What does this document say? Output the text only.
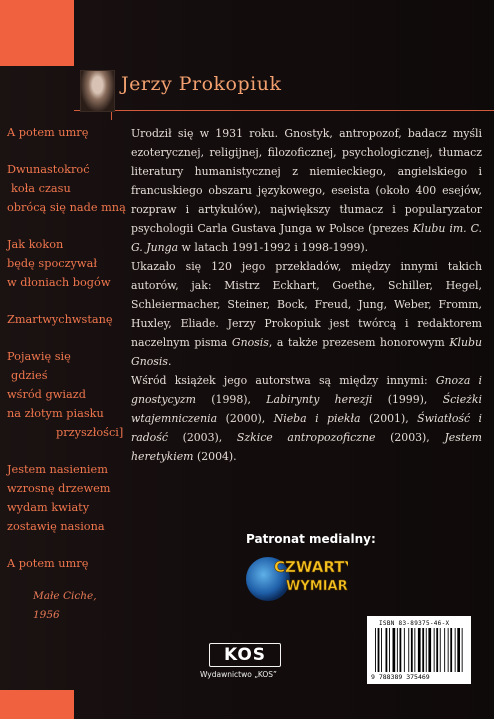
Jerzy Prokopiuk
A potem umrę
Dwunastokroć
koła czasu
obrócą się nade mną
Jak kokon
będę spoczywał
w dłoniach bogów
Zmartwychwstanę
Pojawię się
gdzieś
wśród gwiazd
na złotym piasku
przyszłości]
Jestem nasieniem
wzrosnę drzewem
wydam kwiaty
zostawię nasiona
A potem umrę
Małe Ciche, 1956

Urodził się w 1931 roku. Gnostyk, antropozof, badacz myśli ezoterycznej, religijnej, filozoficznej, psychologicznej, tłumacz literatury humanistycznej z niemieckiego, angielskiego i francuskiego obszaru językowego, eseista (około 400 esejów, rozpraw i artykułów), największy tłumacz i popularyzator psychologii Carla Gustava Junga w Polsce (prezes Klubu im. C. G. Junga w latach 1991-1992 i 1998-1999).

Ukazało się 120 jego przekładów, między innymi takich autorów, jak: Mistrz Eckhart, Goethe, Schiller, Hegel, Schleiermacher, Steiner, Bock, Freud, Jung, Weber, Fromm, Huxley, Eliade. Jerzy Prokopiuk jest twórcą i redaktorem naczelnym pisma Gnosis, a także prezesem honorowym Klubu Gnosis.

Wśród książek jego autorstwa są między innymi: Gnoza i gnostycyzm (1998), Labirynty herezji (1999), Ścieżki wtajemniczenia (2000), Nieba i piekła (2001), Światłość i radość (2003), Szkice antropozoficzne (2003), Jestem heretykiem (2004).

Patronat medialny:
CZWARTY
WYMIAR
KOS
Wydawnictwo „KOS”
ISBN 83-89375-46-X
9 788389 375469
